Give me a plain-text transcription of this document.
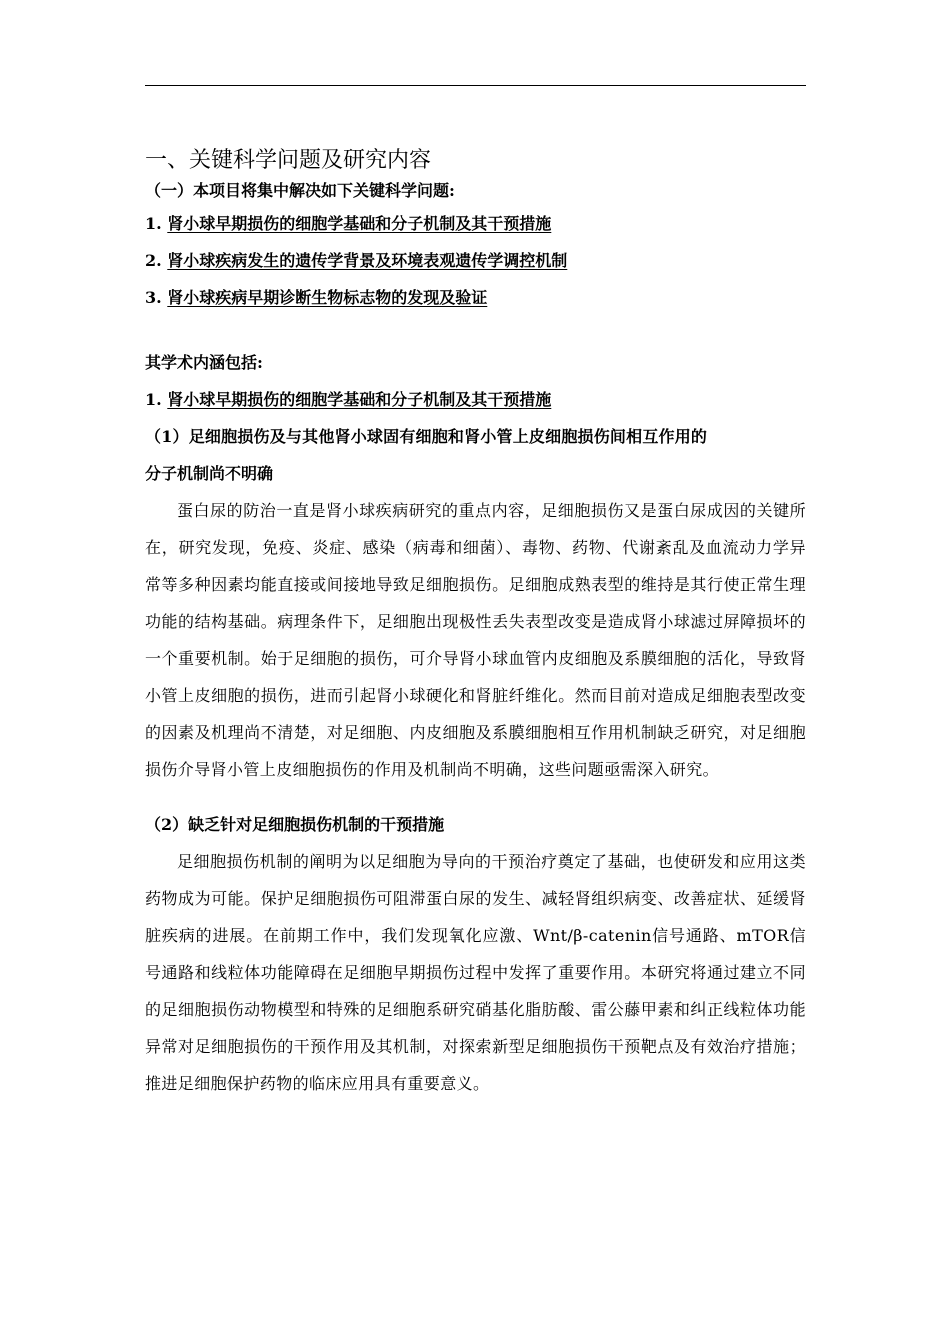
一、关键科学问题及研究内容
（一）本项目将集中解决如下关键科学问题:
1. 肾小球早期损伤的细胞学基础和分子机制及其干预措施
2. 肾小球疾病发生的遗传学背景及环境表观遗传学调控机制
3. 肾小球疾病早期诊断生物标志物的发现及验证
其学术内涵包括:
1. 肾小球早期损伤的细胞学基础和分子机制及其干预措施
（1）足细胞损伤及与其他肾小球固有细胞和肾小管上皮细胞损伤间相互作用的
分子机制尚不明确

蛋白尿的防治一直是肾小球疾病研究的重点内容，足细胞损伤又是蛋白尿成因的关键所在，研究发现，免疫、炎症、感染（病毒和细菌）、毒物、药物、代谢紊乱及血流动力学异常等多种因素均能直接或间接地导致足细胞损伤。足细胞成熟表型的维持是其行使正常生理功能的结构基础。病理条件下，足细胞出现极性丢失表型改变是造成肾小球滤过屏障损坏的一个重要机制。始于足细胞的损伤，可介导肾小球血管内皮细胞及系膜细胞的活化，导致肾小管上皮细胞的损伤，进而引起肾小球硬化和肾脏纤维化。然而目前对造成足细胞表型改变的因素及机理尚不清楚，对足细胞、内皮细胞及系膜细胞相互作用机制缺乏研究，对足细胞损伤介导肾小管上皮细胞损伤的作用及机制尚不明确，这些问题亟需深入研究。

（2）缺乏针对足细胞损伤机制的干预措施

足细胞损伤机制的阐明为以足细胞为导向的干预治疗奠定了基础，也使研发和应用这类药物成为可能。保护足细胞损伤可阻滞蛋白尿的发生、减轻肾组织病变、改善症状、延缓肾脏疾病的进展。在前期工作中，我们发现氧化应激、Wnt/β-catenin信号通路、mTOR信号通路和线粒体功能障碍在足细胞早期损伤过程中发挥了重要作用。本研究将通过建立不同的足细胞损伤动物模型和特殊的足细胞系研究硝基化脂肪酸、雷公藤甲素和纠正线粒体功能异常对足细胞损伤的干预作用及其机制，对探索新型足细胞损伤干预靶点及有效治疗措施；推进足细胞保护药物的临床应用具有重要意义。
